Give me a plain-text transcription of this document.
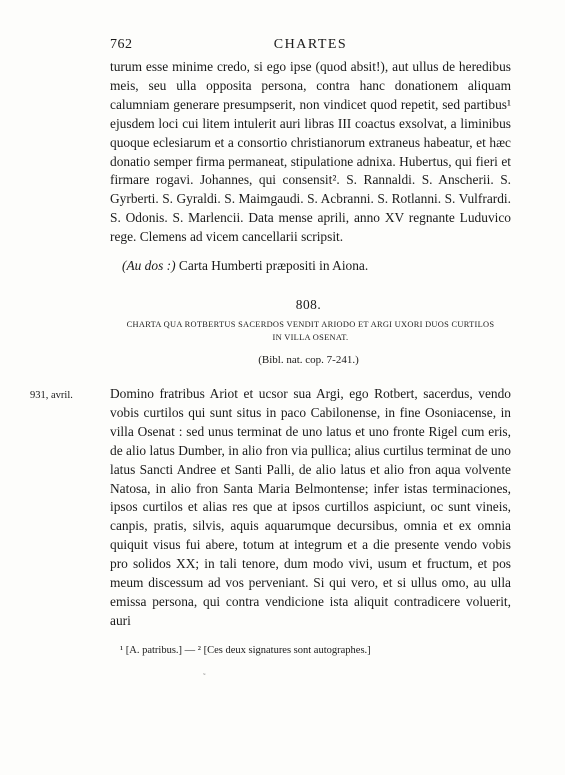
762	CHARTES
turum esse minime credo, si ego ipse (quod absit!), aut ullus de heredibus meis, seu ulla opposita persona, contra hanc donationem aliquam calumniam generare presumpserit, non vindicet quod repetit, sed partibus¹ ejusdem loci cui litem intulerit auri libras III coactus exsolvat, a liminibus quoque eclesiarum et a consortio christianorum extraneus habeatur, et hæc donatio semper firma permaneat, stipulatione adnixa. Hubertus, qui fieri et firmare rogavi. Johannes, qui consensit². S. Rannaldi. S. Anscherii. S. Gyrberti. S. Gyraldi. S. Maimgaudi. S. Acbranni. S. Rotlanni. S. Vulfrardi. S. Odonis. S. Marlencii. Data mense aprili, anno XV regnante Luduvico rege. Clemens ad vicem cancellarii scripsit.
(Au dos :) Carta Humberti præpositi in Aiona.
808.
CHARTA QUA ROTBERTUS SACERDOS VENDIT ARIODO ET ARGI UXORI DUOS CURTILOS
IN VILLA OSENAT.
(Bibl. nat. cop. 7-241.)
931, avril.	Domino fratribus Ariot et ucsor sua Argi, ego Rotbert, sacerdus, vendo vobis curtilos qui sunt situs in paco Cabilonense, in fine Osoniacense, in villa Osenat : sed unus terminat de uno latus et uno fronte Rigel cum eris, de alio latus Dumber, in alio fron via pullica; alius curtilus terminat de uno latus Sancti Andree et Santi Palli, de alio latus et alio fron aqua volvente Natosa, in alio fron Santa Maria Belmontense; infer istas terminaciones, ipsos curtilos et alias res que at ipsos curtillos aspiciunt, oc sunt vineis, canpis, pratis, silvis, aquis aquarumque decursibus, omnia et ex omnia quiquit visus fui abere, totum at integrum et a die presente vendo vobis pro solidos XX; in tali tenore, dum modo vivi, usum et fructum, et pos meum discessum ad vos perveniant. Si qui vero, et si ullus omo, au ulla emissa persona, qui contra vendicione ista aliquit contradicere voluerit, auri
¹ [A. patribus.] — ² [Ces deux signatures sont autographes.]
˜
